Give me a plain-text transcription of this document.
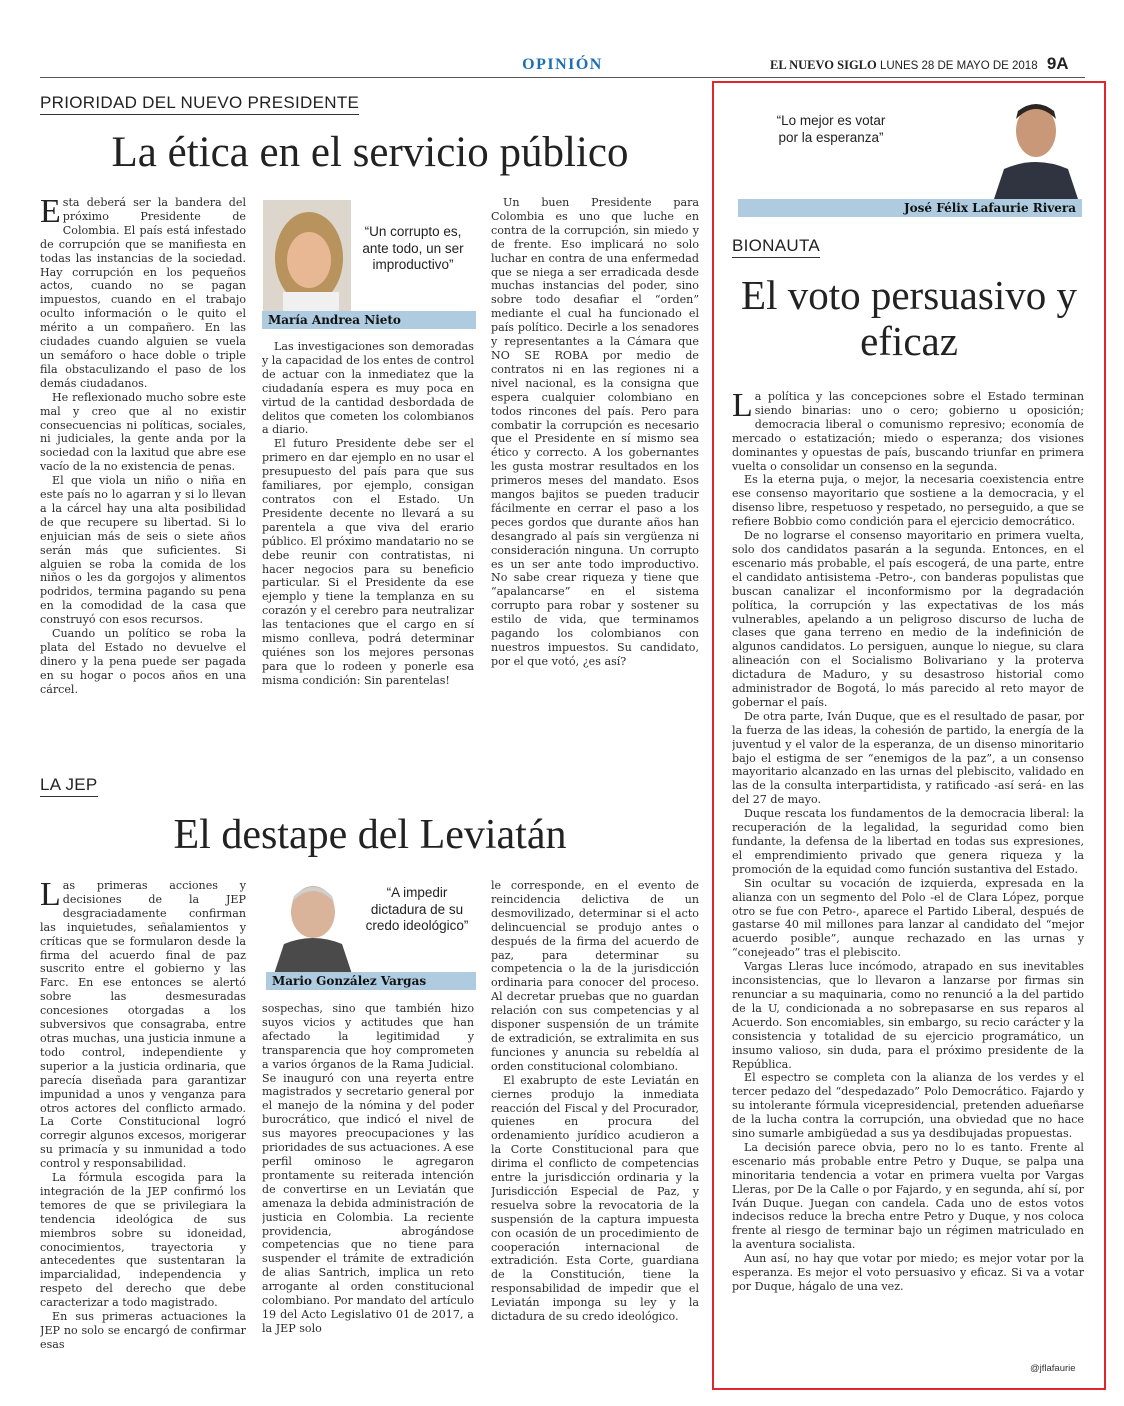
OPINIÓN	EL NUEVO SIGLO LUNES 28 DE MAYO DE 2018 9A
PRIORIDAD DEL NUEVO PRESIDENTE
La ética en el servicio público
E sta deberá ser la bandera del próximo Presidente de Colombia. El país está infestado de corrupción que se manifiesta en todas las instancias de la sociedad. Hay corrupción en los pequeños actos, cuando no se pagan impuestos, cuando en el trabajo oculto información o le quito el mérito a un compañero. En las ciudades cuando alguien se vuela un semáforo o hace doble o triple fila obstaculizando el paso de los demás ciudadanos.

He reflexionado mucho sobre este mal y creo que al no existir consecuencias ni políticas, sociales, ni judiciales, la gente anda por la sociedad con la laxitud que abre ese vacío de la no existencia de penas.

El que viola un niño o niña en este país no lo agarran y si lo llevan a la cárcel hay una alta posibilidad de que recupere su libertad. Si lo enjuician más de seis o siete años serán más que suficientes. Si alguien se roba la comida de los niños o les da gorgojos y alimentos podridos, termina pagando su pena en la comodidad de la casa que construyó con esos recursos.

Cuando un político se roba la plata del Estado no devuelve el dinero y la pena puede ser pagada en su hogar o pocos años en una cárcel.

“Un corrupto es, ante todo, un ser improductivo”
María Andrea Nieto

Las investigaciones son demoradas y la capacidad de los entes de control de actuar con la inmediatez que la ciudadanía espera es muy poca en virtud de la cantidad desbordada de delitos que cometen los colombianos a diario.

El futuro Presidente debe ser el primero en dar ejemplo en no usar el presupuesto del país para que sus familiares, por ejemplo, consigan contratos con el Estado. Un Presidente decente no llevará a su parentela a que viva del erario público. El próximo mandatario no se debe reunir con contratistas, ni hacer negocios para su beneficio particular. Si el Presidente da ese ejemplo y tiene la templanza en su corazón y el cerebro para neutralizar las tentaciones que el cargo en sí mismo conlleva, podrá determinar quiénes son los mejores personas para que lo rodeen y ponerle esa misma condición: Sin parentelas!

Un buen Presidente para Colombia es uno que luche en contra de la corrupción, sin miedo y de frente. Eso implicará no solo luchar en contra de una enfermedad que se niega a ser erradicada desde muchas instancias del poder, sino sobre todo desafiar el “orden” mediante el cual ha funcionado el país político. Decirle a los senadores y representantes a la Cámara que NO SE ROBA por medio de contratos ni en las regiones ni a nivel nacional, es la consigna que espera cualquier colombiano en todos rincones del país. Pero para combatir la corrupción es necesario que el Presidente en sí mismo sea ético y correcto. A los gobernantes les gusta mostrar resultados en los primeros meses del mandato. Esos mangos bajitos se pueden traducir fácilmente en cerrar el paso a los peces gordos que durante años han desangrado al país sin vergüenza ni consideración ninguna. Un corrupto es un ser ante todo improductivo. No sabe crear riqueza y tiene que “apalancarse” en el sistema corrupto para robar y sostener su estilo de vida, que terminamos pagando los colombianos con nuestros impuestos. Su candidato, por el que votó, ¿es así?

LA JEP
El destape del Leviatán
L as primeras acciones y decisiones de la JEP desgraciadamente confirman las inquietudes, señalamientos y críticas que se formularon desde la firma del acuerdo final de paz suscrito entre el gobierno y las Farc. En ese entonces se alertó sobre las desmesuradas concesiones otorgadas a los subversivos que consagraba, entre otras muchas, una justicia inmune a todo control, independiente y superior a la justicia ordinaria, que parecía diseñada para garantizar impunidad a unos y venganza para otros actores del conflicto armado. La Corte Constitucional logró corregir algunos excesos, morigerar su primacía y su inmunidad a todo control y responsabilidad.

La fórmula escogida para la integración de la JEP confirmó los temores de que se privilegiara la tendencia ideológica de sus miembros sobre su idoneidad, conocimientos, trayectoria y antecedentes que sustentaran la imparcialidad, independencia y respeto del derecho que debe caracterizar a todo magistrado.

En sus primeras actuaciones la JEP no solo se encargó de confirmar esas

“A impedir dictadura de su credo ideológico”
Mario González Vargas

sospechas, sino que también hizo suyos vicios y actitudes que han afectado la legitimidad y transparencia que hoy comprometen a varios órganos de la Rama Judicial. Se inauguró con una reyerta entre magistrados y secretario general por el manejo de la nómina y del poder burocrático, que indicó el nivel de sus mayores preocupaciones y las prioridades de sus actuaciones. A ese perfil ominoso le agregaron prontamente su reiterada intención de convertirse en un Leviatán que amenaza la debida administración de justicia en Colombia. La reciente providencia, abrogándose competencias que no tiene para suspender el trámite de extradición de alias Santrich, implica un reto arrogante al orden constitucional colombiano. Por mandato del artículo 19 del Acto Legislativo 01 de 2017, a la JEP solo

le corresponde, en el evento de reincidencia delictiva de un desmovilizado, determinar si el acto delincuencial se produjo antes o después de la firma del acuerdo de paz, para determinar su competencia o la de la jurisdicción ordinaria para conocer del proceso. Al decretar pruebas que no guardan relación con sus competencias y al disponer suspensión de un trámite de extradición, se extralimita en sus funciones y anuncia su rebeldía al orden constitucional colombiano.

El exabrupto de este Leviatán en ciernes produjo la inmediata reacción del Fiscal y del Procurador, quienes en procura del ordenamiento jurídico acudieron a la Corte Constitucional para que dirima el conflicto de competencias entre la jurisdicción ordinaria y la Jurisdicción Especial de Paz, y resuelva sobre la revocatoria de la suspensión de la captura impuesta con ocasión de un procedimiento de cooperación internacional de extradición. Esta Corte, guardiana de la Constitución, tiene la responsabilidad de impedir que el Leviatán imponga su ley y la dictadura de su credo ideológico.

“Lo mejor es votar por la esperanza”
José Félix Lafaurie Rivera
BIONAUTA
El voto persuasivo y eficaz
L a política y las concepciones sobre el Estado terminan siendo binarias: uno o cero; gobierno u oposición; democracia liberal o comunismo represivo; economía de mercado o estatización; miedo o esperanza; dos visiones dominantes y opuestas de país, buscando triunfar en primera vuelta o consolidar un consenso en la segunda.

Es la eterna puja, o mejor, la necesaria coexistencia entre ese consenso mayoritario que sostiene a la democracia, y el disenso libre, respetuoso y respetado, no perseguido, a que se refiere Bobbio como condición para el ejercicio democrático.

De no lograrse el consenso mayoritario en primera vuelta, solo dos candidatos pasarán a la segunda. Entonces, en el escenario más probable, el país escogerá, de una parte, entre el candidato antisistema -Petro-, con banderas populistas que buscan canalizar el inconformismo por la degradación política, la corrupción y las expectativas de los más vulnerables, apelando a un peligroso discurso de lucha de clases que gana terreno en medio de la indefinición de algunos candidatos. Lo persiguen, aunque lo niegue, su clara alineación con el Socialismo Bolivariano y la proterva dictadura de Maduro, y su desastroso historial como administrador de Bogotá, lo más parecido al reto mayor de gobernar el país.

De otra parte, Iván Duque, que es el resultado de pasar, por la fuerza de las ideas, la cohesión de partido, la energía de la juventud y el valor de la esperanza, de un disenso minoritario bajo el estigma de ser “enemigos de la paz”, a un consenso mayoritario alcanzado en las urnas del plebiscito, validado en las de la consulta interpartidista, y ratificado -así será- en las del 27 de mayo.

Duque rescata los fundamentos de la democracia liberal: la recuperación de la legalidad, la seguridad como bien fundante, la defensa de la libertad en todas sus expresiones, el emprendimiento privado que genera riqueza y la promoción de la equidad como función sustantiva del Estado.

Sin ocultar su vocación de izquierda, expresada en la alianza con un segmento del Polo -el de Clara López, porque otro se fue con Petro-, aparece el Partido Liberal, después de gastarse 40 mil millones para lanzar al candidato del “mejor acuerdo posible”, aunque rechazado en las urnas y “conejeado” tras el plebiscito.

Vargas Lleras luce incómodo, atrapado en sus inevitables inconsistencias, que lo llevaron a lanzarse por firmas sin renunciar a su maquinaria, como no renunció a la del partido de la U, condicionada a no sobrepasarse en sus reparos al Acuerdo. Son encomiables, sin embargo, su recio carácter y la consistencia y totalidad de su ejercicio programático, un insumo valioso, sin duda, para el próximo presidente de la República.

El espectro se completa con la alianza de los verdes y el tercer pedazo del “despedazado” Polo Democrático. Fajardo y su intolerante fórmula vicepresidencial, pretenden adueñarse de la lucha contra la corrupción, una obviedad que no hace sino sumarle ambigüedad a sus ya desdibujadas propuestas.

La decisión parece obvia, pero no lo es tanto. Frente al escenario más probable entre Petro y Duque, se palpa una minoritaria tendencia a votar en primera vuelta por Vargas Lleras, por De la Calle o por Fajardo, y en segunda, ahí sí, por Iván Duque. Juegan con candela. Cada uno de estos votos indecisos reduce la brecha entre Petro y Duque, y nos coloca frente al riesgo de terminar bajo un régimen matriculado en la aventura socialista.

Aun así, no hay que votar por miedo; es mejor votar por la esperanza. Es mejor el voto persuasivo y eficaz. Si va a votar por Duque, hágalo de una vez.

@jflafaurie
